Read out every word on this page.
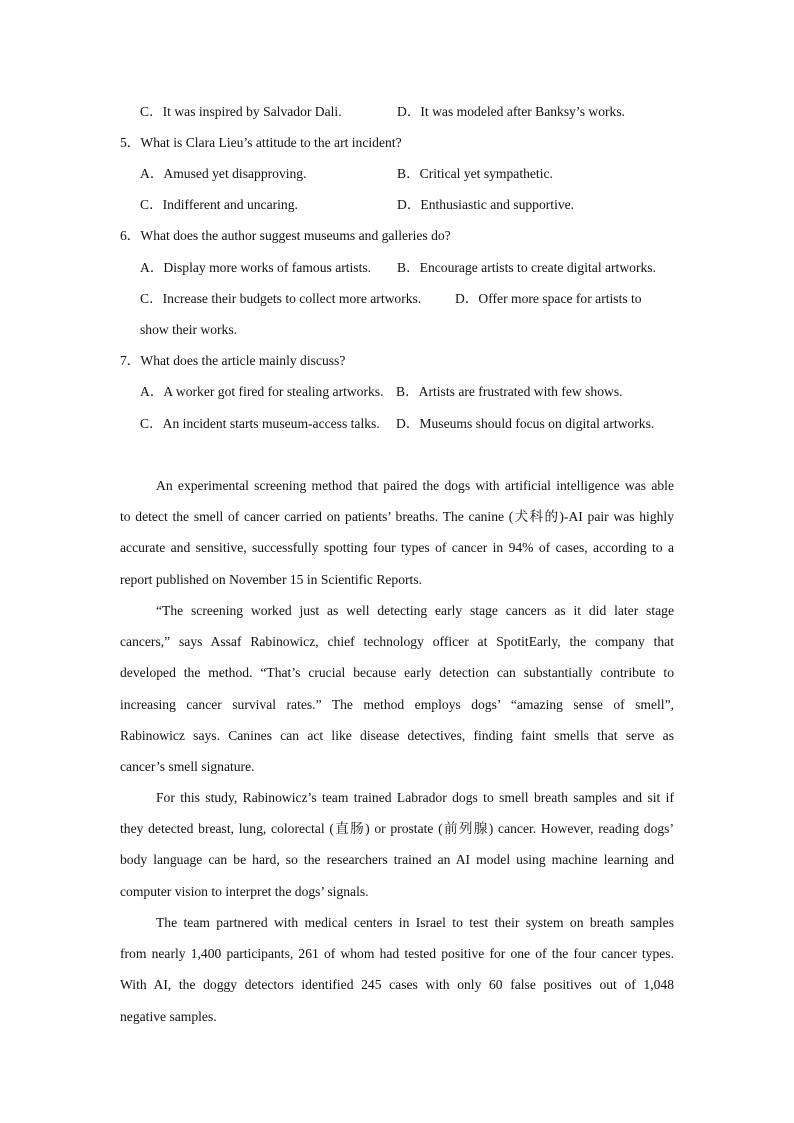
C．It was inspired by Salvador Dali.	D．It was modeled after Banksy’s works.
5．What is Clara Lieu’s attitude to the art incident?
A．Amused yet disapproving.	B．Critical yet sympathetic.
C．Indifferent and uncaring.	D．Enthusiastic and supportive.
6．What does the author suggest museums and galleries do?
A．Display more works of famous artists. B．Encourage artists to create digital artworks.
C．Increase their budgets to collect more artworks. D．Offer more space for artists to
show their works.
7．What does the article mainly discuss?
A．A worker got fired for stealing artworks. B．Artists are frustrated with few shows.
C．An incident starts museum-access talks. D．Museums should focus on digital artworks.
An experimental screening method that paired the dogs with artificial intelligence was able
to detect the smell of cancer carried on patients’ breaths. The canine (犬科的)-AI pair was highly
accurate and sensitive, successfully spotting four types of cancer in 94% of cases, according to a
report published on November 15 in Scientific Reports.
“The screening worked just as well detecting early stage cancers as it did later stage
cancers,” says Assaf Rabinowicz, chief technology officer at SpotitEarly, the company that
developed the method. “That’s crucial because early detection can substantially contribute to
increasing cancer survival rates.” The method employs dogs’ “amazing sense of smell”,
Rabinowicz says. Canines can act like disease detectives, finding faint smells that serve as
cancer’s smell signature.
For this study, Rabinowicz’s team trained Labrador dogs to smell breath samples and sit if
they detected breast, lung, colorectal (直肠) or prostate (前列腺) cancer. However, reading dogs’
body language can be hard, so the researchers trained an AI model using machine learning and
computer vision to interpret the dogs’ signals.
The team partnered with medical centers in Israel to test their system on breath samples
from nearly 1,400 participants, 261 of whom had tested positive for one of the four cancer types.
With AI, the doggy detectors identified 245 cases with only 60 false positives out of 1,048
negative samples.
